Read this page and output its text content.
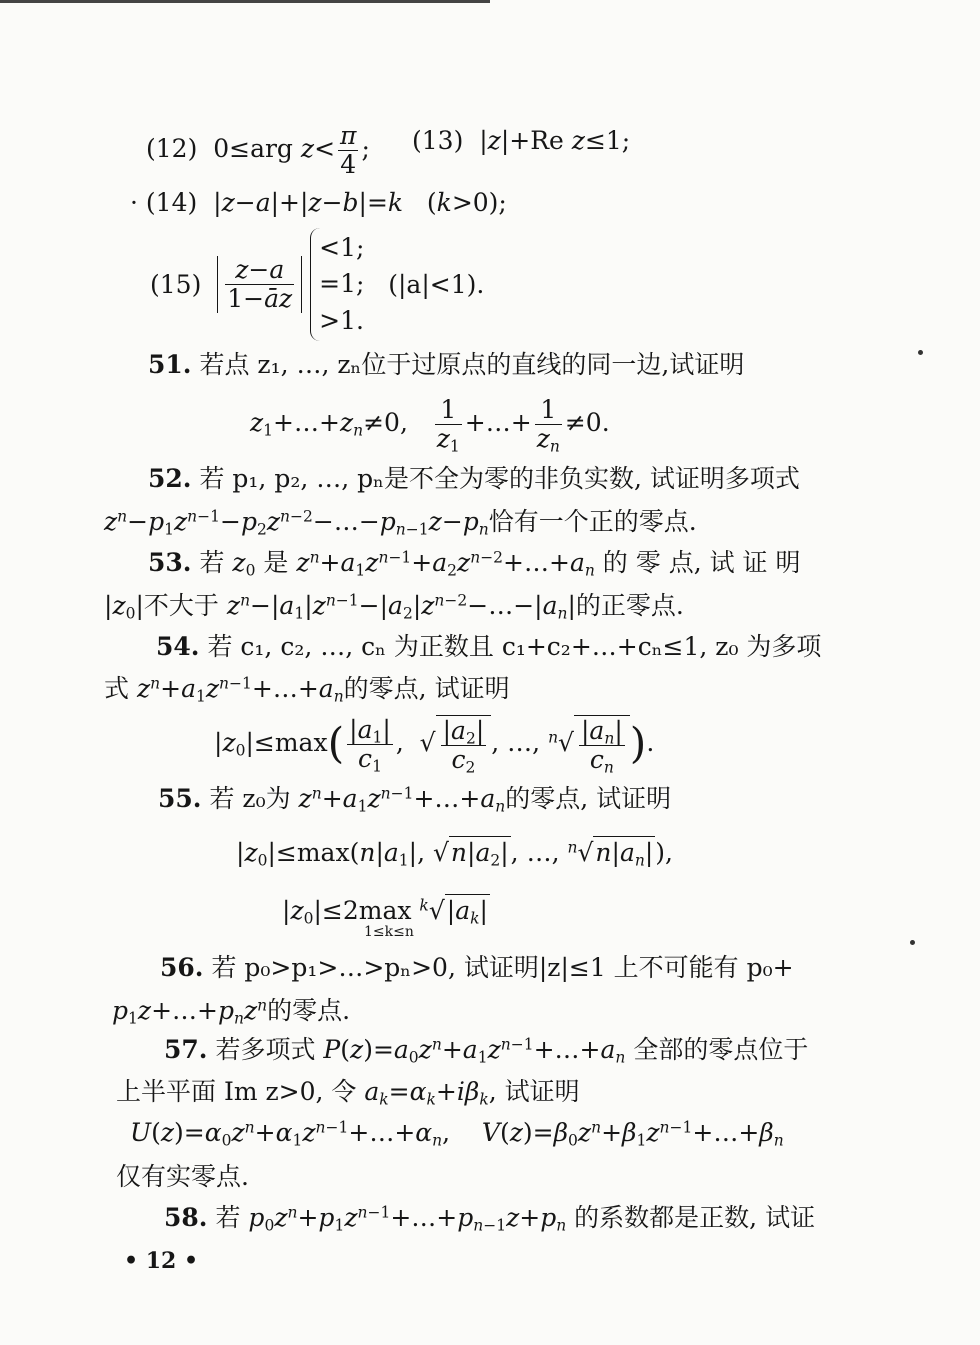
(12)  0≤arg $z< \frac{\pi}{4}$ ; (13)  |z|+Re z≤1;
· (14)  |z−a|+|z−b|=k   (k>0);
$(15) \frac{z-a}{1-āz}$

<1;
=1;
>1.
(|a|<1).
51. 若点 z₁, …, zₙ位于过原点的直线的同一边,试证明
$z_1+\dots+z_n\ne 0$, $\frac{1}{z_1}$ +…+ $\frac{1}{z_n} \ne 0$.
52. 若 p₁, p₂, …, pₙ是不全为零的非负实数, 试证明多项式
$z^n-p_1z^{n-1}-p_2z^{n-2}-\dots-p_{n-1}z-p_n$恰有一个正的零点.
53. 若 $z_0$ 是 $z^n+a_1z^{n-1}+a_2z^{n-2}+\dots+a_n$ 的 零 点, 试 证 明
$|z_0|$不大于 $z^n-|a_1|z^{n-1}-|a_2|z^{n-2}-\dots-|a_n|$的正零点.
54. 若 c₁, c₂, …, cₙ 为正数且 c₁+c₂+…+cₙ≤1, z₀ 为多项
式 $z^n+a_1z^{n-1}+\dots+a_n$的零点, 试证明
$|z_0|\le\max( \frac{|a_1|}{c_1}$ ,  √ $\frac{|a_2|}{c_2}$ , …, $^n√ \frac{|a_n|}{c_n}$ ).
55. 若 z₀为 $z^n+a_1z^{n-1}+\dots+a_n$的零点, 试证明
$|z_0|\le\max(n|a_1|$, $√n|a_2|$, …, $^n√n|a_n|$),
$|z_0|\le 2\max$ $^k√|a_k|$
1≤k≤n
56. 若 p₀>p₁>…>pₙ>0, 试证明|z|≤1 上不可能有 p₀+
$p_1z+\dots+p_nz^n$的零点.
57. 若多项式 $P(z)=a_0z^n+a_1z^{n-1}+\dots+a_n$ 全部的零点位于
上半平面 Im z>0, 令 $a_k=\alpha_k+i\beta_k$, 试证明
$U(z)=\alpha_0z^n+\alpha_1z^{n-1}+\dots+\alpha_n$,    $V(z)=\beta_0z^n+\beta_1z^{n-1}+\dots+\beta_n$
仅有实零点.
58. 若 $p_0z^n+p_1z^{n-1}+\dots+p_{n-1}z+p_n$ 的系数都是正数, 试证
• 12 •
